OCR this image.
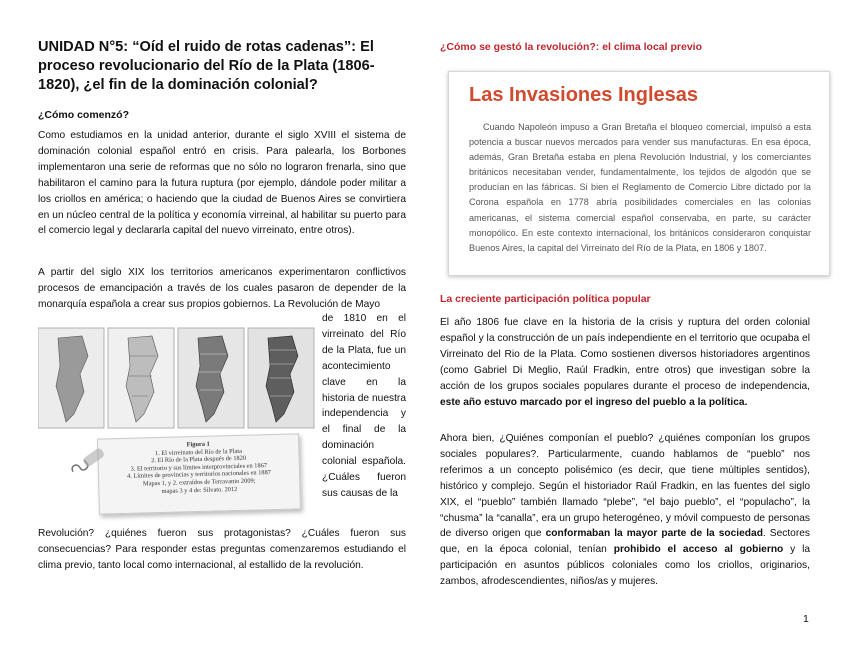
UNIDAD N°5: “Oíd el ruido de rotas cadenas”: El proceso revolucionario del Río de la Plata (1806-1820), ¿el fin de la dominación colonial?
¿Cómo comenzó?

Como estudiamos en la unidad anterior, durante el siglo XVIII el sistema de dominación colonial español entró en crisis. Para palearla, los Borbones implementaron una serie de reformas que no sólo no lograron frenarla, sino que habilitaron el camino para la futura ruptura (por ejemplo, dándole poder militar a los criollos en américa; o haciendo que la ciudad de Buenos Aires se convirtiera en un núcleo central de la política y economía virreinal, al habilitar su puerto para el comercio legal y declararla capital del nuevo virreinato, entre otros).

A partir del siglo XIX los territorios americanos experimentaron conflictivos procesos de emancipación a través de los cuales pasaron de depender de la monarquía española a crear sus propios gobiernos. La Revolución de Mayo

Figura 1
1. El virreinato del Río de la Plata
2. El Río de la Plata después de 1820
3. El territorio y sus límites interprovinciales en 1867
4. Límites de provincias y territorios nacionales en 1887
Mapas 1, y 2. extraídos de Terravanio 2009;
mapas 3 y 4 de: Silvato. 2012

de 1810 en el virreinato del Río de la Plata, fue un acontecimiento clave en la historia de nuestra independencia y el final de la dominación colonial española. ¿Cuáles fueron sus causas de la

Revolución? ¿quiénes fueron sus protagonistas? ¿Cuáles fueron sus consecuencias? Para responder estas preguntas comenzaremos estudiando el clima previo, tanto local como internacional, al estallido de la revolución.

¿Cómo se gestó la revolución?: el clima local previo
Las Invasiones Inglesas

Cuando Napoleón impuso a Gran Bretaña el bloqueo comercial, impulsó a esta potencia a buscar nuevos mercados para vender sus manufacturas. En esa época, además, Gran Bretaña estaba en plena Revolución Industrial, y los comerciantes británicos necesitaban vender, fundamentalmente, los tejidos de algodón que se producían en las fábricas. Si bien el Reglamento de Comercio Libre dictado por la Corona española en 1778 abría posibilidades comerciales en las colonias americanas, el sistema comercial español conservaba, en parte, su carácter monopólico. En este contexto internacional, los británicos consideraron conquistar Buenos Aires, la capital del Virreinato del Río de la Plata, en 1806 y 1807.

La creciente participación política popular

El año 1806 fue clave en la historia de la crisis y ruptura del orden colonial español y la construcción de un país independiente en el territorio que ocupaba el Virreinato del Rio de la Plata. Como sostienen diversos historiadores argentinos (como Gabriel Di Meglio, Raúl Fradkin, entre otros) que investigan sobre la acción de los grupos sociales populares durante el proceso de independencia, este año estuvo marcado por el ingreso del pueblo a la política.

Ahora bien, ¿Quiénes componían el pueblo? ¿quiénes componían los grupos sociales populares?. Particularmente, cuando hablamos de “pueblo” nos referimos a un concepto polisémico (es decir, que tiene múltiples sentidos), histórico y complejo. Según el historiador Raúl Fradkin, en las fuentes del siglo XIX, el “pueblo” también llamado “plebe”, “el bajo pueblo”, el “populacho”, la “chusma” la “canalla”, era un grupo heterogéneo, y móvil compuesto de personas de diverso origen que conformaban la mayor parte de la sociedad. Sectores que, en la época colonial, tenían prohibido el acceso al gobierno y la participación en asuntos públicos coloniales como los criollos, originarios, zambos, afrodescendientes, niños/as y mujeres.

1
